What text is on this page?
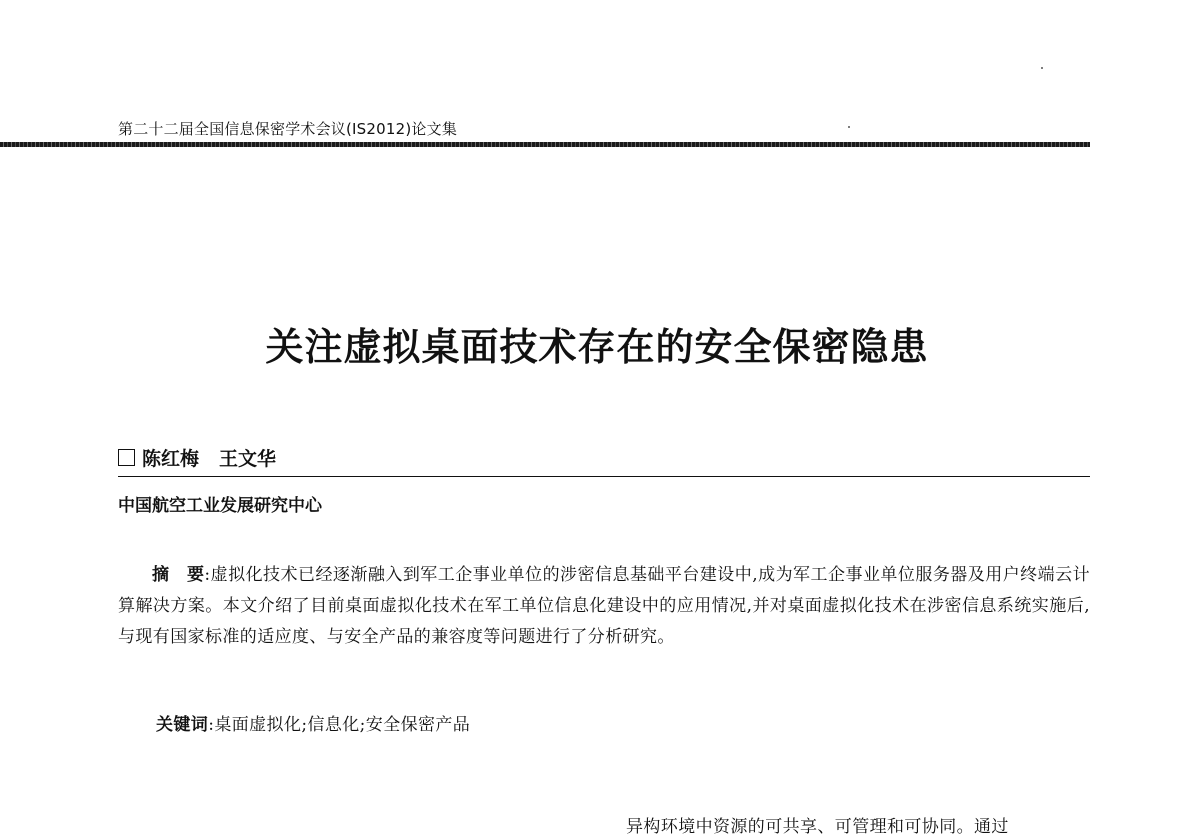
第二十二届全国信息保密学术会议(IS2012)论文集
关注虚拟桌面技术存在的安全保密隐患
陈红梅 王文华
中国航空工业发展研究中心
摘　要:虚拟化技术已经逐渐融入到军工企事业单位的涉密信息基础平台建设中,成为军工企事业单位服务器及用户终端云计算解决方案。本文介绍了目前桌面虚拟化技术在军工单位信息化建设中的应用情况,并对桌面虚拟化技术在涉密信息系统实施后,与现有国家标准的适应度、与安全产品的兼容度等问题进行了分析研究。
关键词:桌面虚拟化;信息化;安全保密产品
异构环境中资源的可共享、可管理和可协同。通过
